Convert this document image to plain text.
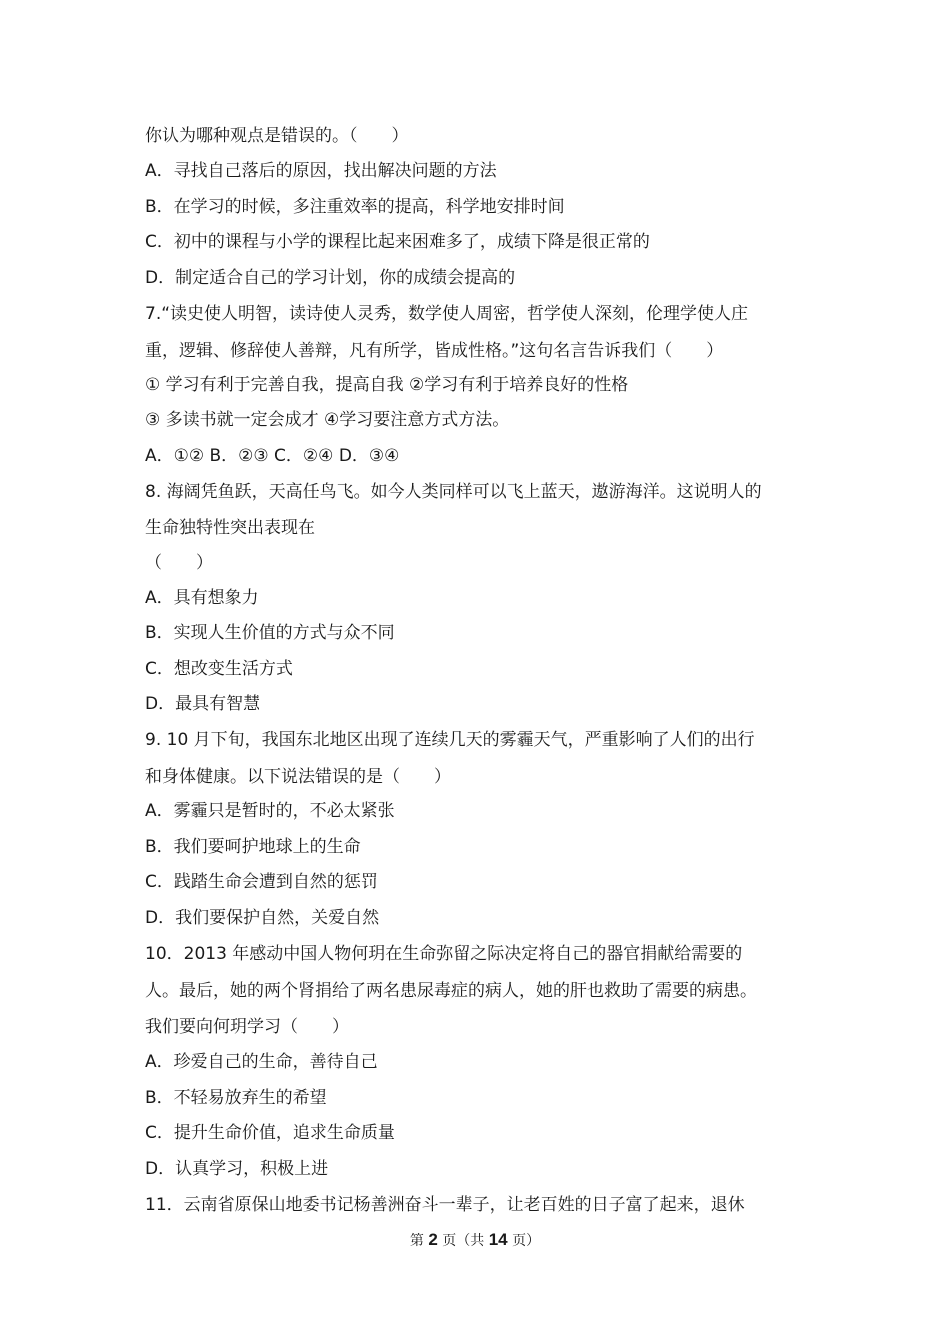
你认为哪种观点是错误的。（　　）
A．寻找自己落后的原因，找出解决问题的方法
B．在学习的时候，多注重效率的提高，科学地安排时间
C．初中的课程与小学的课程比起来困难多了，成绩下降是很正常的
D．制定适合自己的学习计划，你的成绩会提高的
7.“读史使人明智，读诗使人灵秀，数学使人周密，哲学使人深刻，伦理学使人庄
重，逻辑、修辞使人善辩，凡有所学，皆成性格。”这句名言告诉我们（　　）
① 学习有利于完善自我，提高自我 ②学习有利于培养良好的性格
③ 多读书就一定会成才 ④学习要注意方式方法。
A．①② B．②③ C．②④ D．③④
8. 海阔凭鱼跃，天高任鸟飞。如今人类同样可以飞上蓝天，遨游海洋。这说明人的
生命独特性突出表现在
（　　）
A．具有想象力
B．实现人生价值的方式与众不同
C．想改变生活方式
D．最具有智慧
9. 10 月下旬，我国东北地区出现了连续几天的雾霾天气，严重影响了人们的出行
和身体健康。以下说法错误的是（　　）
A．雾霾只是暂时的，不必太紧张
B．我们要呵护地球上的生命
C．践踏生命会遭到自然的惩罚
D．我们要保护自然，关爱自然
10．2013 年感动中国人物何玥在生命弥留之际决定将自己的器官捐献给需要的
人。最后，她的两个肾捐给了两名患尿毒症的病人，她的肝也救助了需要的病患。
我们要向何玥学习（　　）
A．珍爱自己的生命，善待自己
B．不轻易放弃生的希望
C．提升生命价值，追求生命质量
D．认真学习，积极上进
11．云南省原保山地委书记杨善洲奋斗一辈子，让老百姓的日子富了起来，退休
第 2 页（共 14 页）
